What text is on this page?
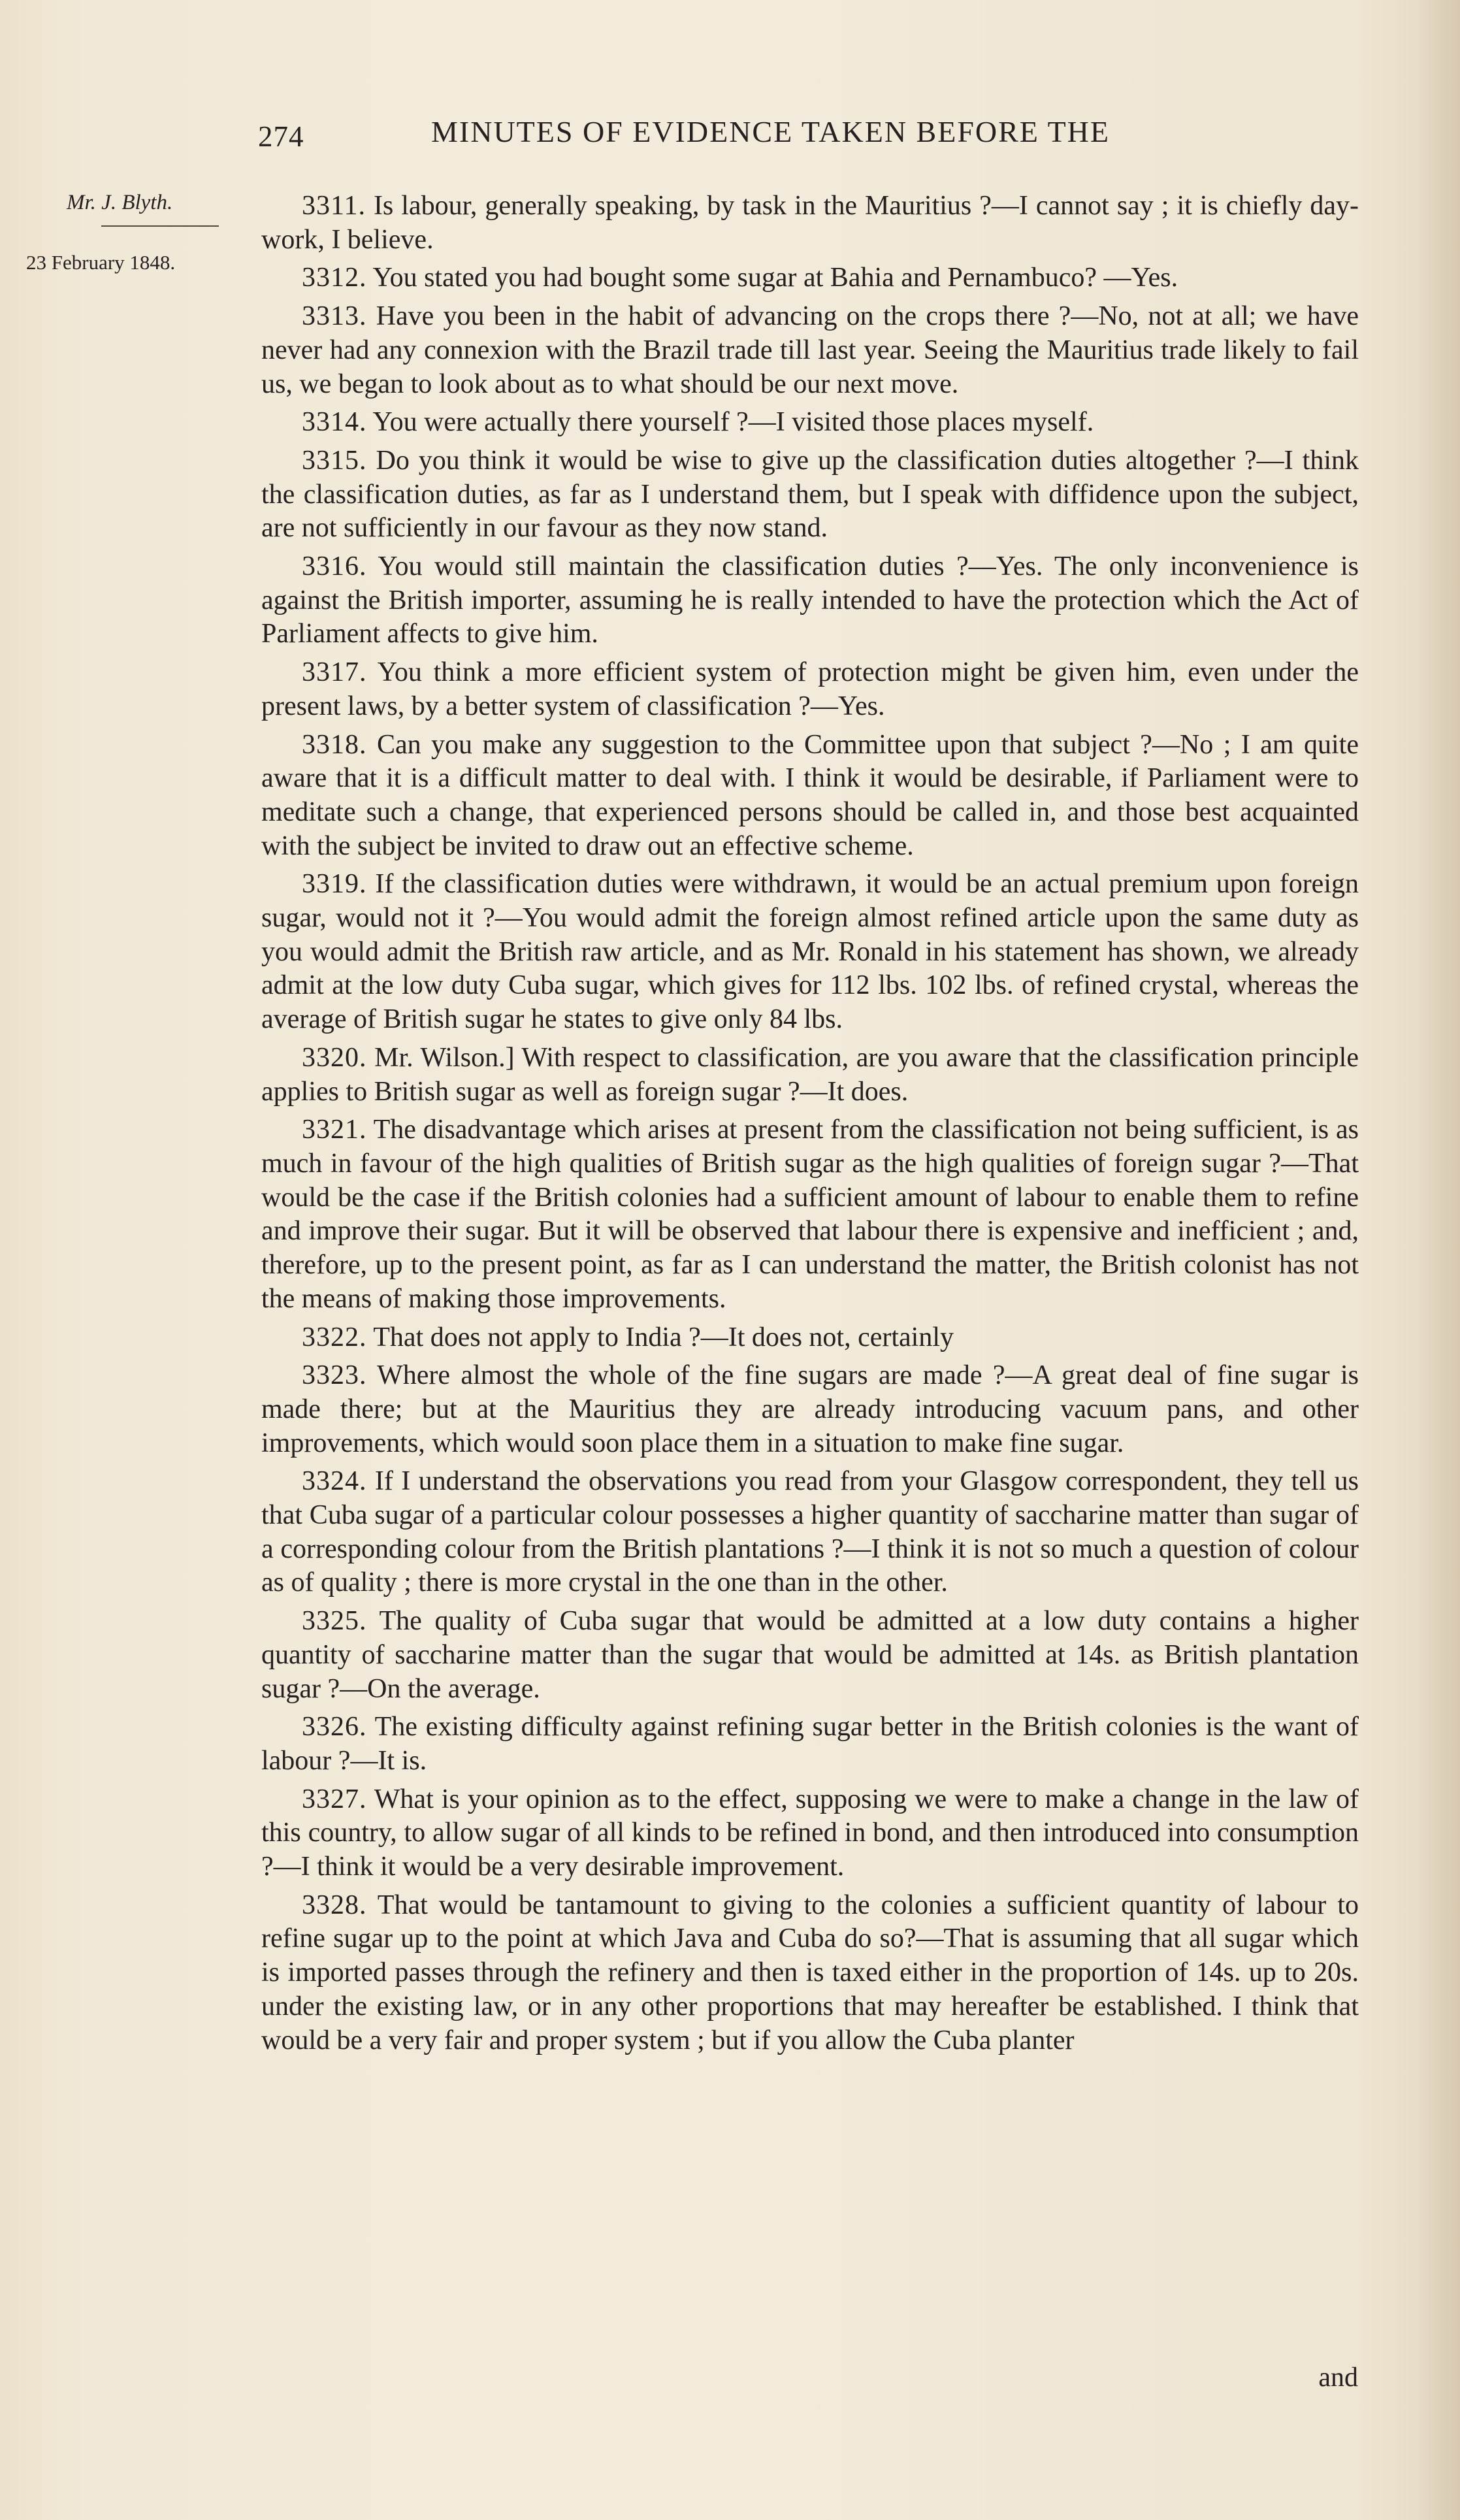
274	MINUTES OF EVIDENCE TAKEN BEFORE THE
Mr. J. Blyth.
23 February 1848.

3311. Is labour, generally speaking, by task in the Mauritius ?—I cannot say ; it is chiefly day-work, I believe.

3312. You stated you had bought some sugar at Bahia and Pernambuco? —Yes.

3313. Have you been in the habit of advancing on the crops there ?—No, not at all; we have never had any connexion with the Brazil trade till last year. Seeing the Mauritius trade likely to fail us, we began to look about as to what should be our next move.

3314. You were actually there yourself ?—I visited those places myself.

3315. Do you think it would be wise to give up the classification duties altogether ?—I think the classification duties, as far as I understand them, but I speak with diffidence upon the subject, are not sufficiently in our favour as they now stand.

3316. You would still maintain the classification duties ?—Yes. The only inconvenience is against the British importer, assuming he is really intended to have the protection which the Act of Parliament affects to give him.

3317. You think a more efficient system of protection might be given him, even under the present laws, by a better system of classification ?—Yes.

3318. Can you make any suggestion to the Committee upon that subject ?—No ; I am quite aware that it is a difficult matter to deal with. I think it would be desirable, if Parliament were to meditate such a change, that experienced persons should be called in, and those best acquainted with the subject be invited to draw out an effective scheme.

3319. If the classification duties were withdrawn, it would be an actual premium upon foreign sugar, would not it ?—You would admit the foreign almost refined article upon the same duty as you would admit the British raw article, and as Mr. Ronald in his statement has shown, we already admit at the low duty Cuba sugar, which gives for 112 lbs. 102 lbs. of refined crystal, whereas the average of British sugar he states to give only 84 lbs.

3320. Mr. Wilson.] With respect to classification, are you aware that the classification principle applies to British sugar as well as foreign sugar ?—It does.

3321. The disadvantage which arises at present from the classification not being sufficient, is as much in favour of the high qualities of British sugar as the high qualities of foreign sugar ?—That would be the case if the British colonies had a sufficient amount of labour to enable them to refine and improve their sugar. But it will be observed that labour there is expensive and inefficient ; and, therefore, up to the present point, as far as I can understand the matter, the British colonist has not the means of making those improvements.

3322. That does not apply to India ?—It does not, certainly

3323. Where almost the whole of the fine sugars are made ?—A great deal of fine sugar is made there; but at the Mauritius they are already introducing vacuum pans, and other improvements, which would soon place them in a situation to make fine sugar.

3324. If I understand the observations you read from your Glasgow correspondent, they tell us that Cuba sugar of a particular colour possesses a higher quantity of saccharine matter than sugar of a corresponding colour from the British plantations ?—I think it is not so much a question of colour as of quality ; there is more crystal in the one than in the other.

3325. The quality of Cuba sugar that would be admitted at a low duty contains a higher quantity of saccharine matter than the sugar that would be admitted at 14s. as British plantation sugar ?—On the average.

3326. The existing difficulty against refining sugar better in the British colonies is the want of labour ?—It is.

3327. What is your opinion as to the effect, supposing we were to make a change in the law of this country, to allow sugar of all kinds to be refined in bond, and then introduced into consumption ?—I think it would be a very desirable improvement.

3328. That would be tantamount to giving to the colonies a sufficient quantity of labour to refine sugar up to the point at which Java and Cuba do so?—That is assuming that all sugar which is imported passes through the refinery and then is taxed either in the proportion of 14s. up to 20s. under the existing law, or in any other proportions that may hereafter be established. I think that would be a very fair and proper system ; but if you allow the Cuba planter

and
